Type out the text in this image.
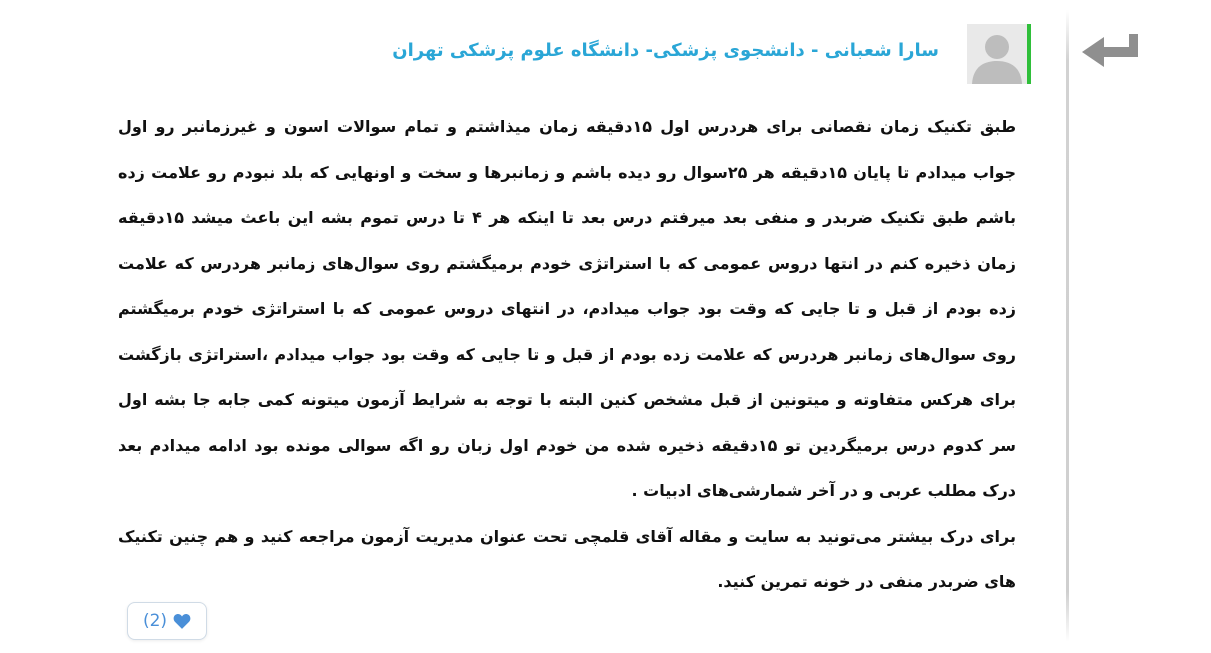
سارا شعبانی - دانشجوی پزشکی- دانشگاه علوم پزشکی تهران

طبق تکنیک زمان نقصانی برای هردرس اول ۱۵دقیقه زمان میذاشتم و تمام سوالات اسون و غیرزمانبر رو اول جواب میدادم تا پایان ۱۵دقیقه هر ۲۵سوال رو دیده باشم و زمانبرها و سخت و اونهایی که بلد نبودم رو علامت زده باشم طبق تکنیک ضربدر و منفی بعد میرفتم درس بعد تا اینکه هر ۴ تا درس تموم بشه این باعث میشد ۱۵دقیقه زمان ذخیره کنم در انتها دروس عمومی که با استراتژی خودم برمیگشتم روی سوال‌های زمانبر هردرس که علامت زده بودم از قبل و تا جایی که وقت بود جواب میدادم، در انتهای دروس عمومی که با استراتژی خودم برمیگشتم روی سوال‌های زمانبر هردرس که علامت زده بودم از قبل و تا جایی که وقت بود جواب میدادم ،استراتژی بازگشت برای هرکس متفاوته و میتونین از قبل مشخص کنین البته با توجه به شرایط آزمون میتونه کمی جابه جا بشه اول سر کدوم درس برمیگردین تو ۱۵دقیقه ذخیره شده من خودم اول زبان رو اگه سوالی مونده بود ادامه میدادم بعد درک مطلب عربی و در آخر شمارشی‌های ادبیات .

برای درک بیشتر می‌تونید به سایت و مقاله آقای قلمچی تحت عنوان مدیریت آزمون مراجعه کنید و هم چنین تکنیک های ضربدر منفی در خونه تمرین کنید.

(2)
